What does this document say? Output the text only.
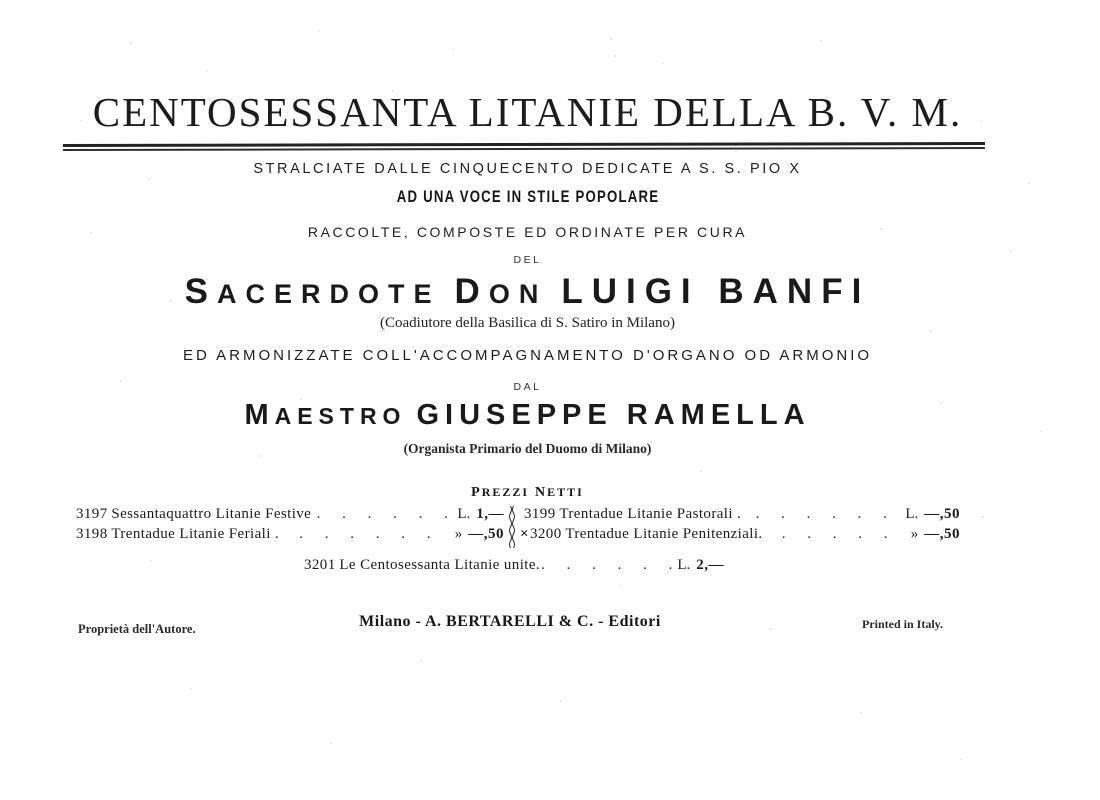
CENTOSESSANTA LITANIE DELLA B. V. M.
STRALCIATE DALLE CINQUECENTO DEDICATE A S. S. PIO X
AD UNA VOCE IN STILE POPOLARE
RACCOLTE, COMPOSTE ED ORDINATE PER CURA
DEL
SACERDOTE DON LUIGI BANFI
(Coadiutore della Basilica di S. Satiro in Milano)
ED ARMONIZZATE COLL'ACCOMPAGNAMENTO D'ORGANO OD ARMONIO
DAL
MAESTRO GIUSEPPE RAMELLA
(Organista Primario del Duomo di Milano)
PREZZI NETTI
3197
Sessantaquattro Litanie Festive . . . . . . L. 1,—
3198
Trentadue Litanie Feriali .	. . . . . .	» —,50
3199
Trentadue Litanie Pastorali . . . . . . .	L. —,50
× 3200
Trentadue Litanie Penitenziali.	. . . . .	» —,50
3201
Le Centosessanta Litanie unite. . . . . . . L. 2,—
Proprietà dell'Autore.	Milano - A. BERTARELLI & C. - Editori	Printed in Italy.
